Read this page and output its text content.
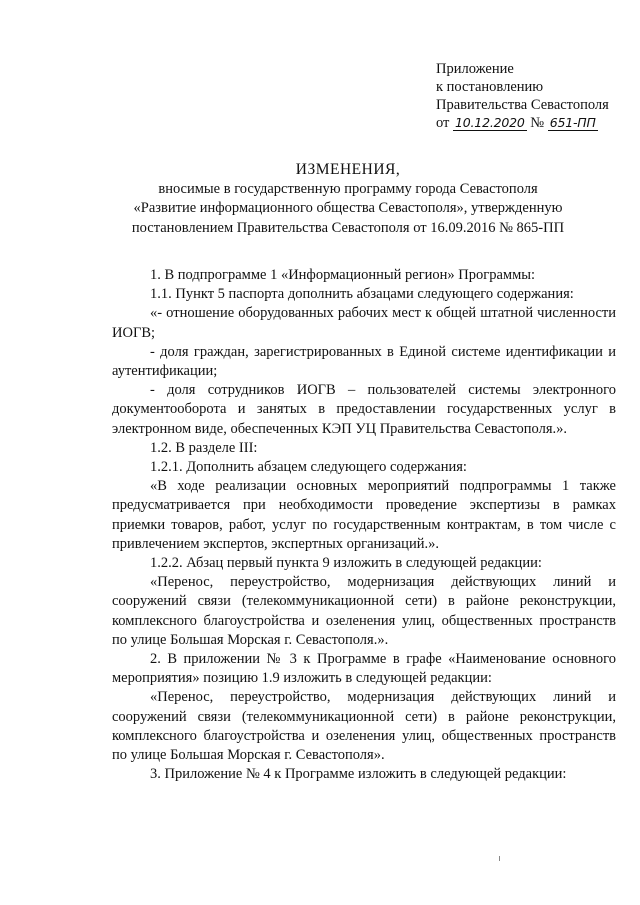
Приложение
к постановлению
Правительства Севастополя
от 10.12.2020 № 651-ПП
ИЗМЕНЕНИЯ,
вносимые в государственную программу города Севастополя
«Развитие информационного общества Севастополя», утвержденную
постановлением Правительства Севастополя от 16.09.2016 № 865-ПП

1. В подпрограмме 1 «Информационный регион» Программы:

1.1. Пункт 5 паспорта дополнить абзацами следующего содержания:

«- отношение оборудованных рабочих мест к общей штатной численности ИОГВ;

- доля граждан, зарегистрированных в Единой системе идентификации и аутентификации;

- доля сотрудников ИОГВ – пользователей системы электронного документооборота и занятых в предоставлении государственных услуг в электронном виде, обеспеченных КЭП УЦ Правительства Севастополя.».

1.2. В разделе III:

1.2.1. Дополнить абзацем следующего содержания:

«В ходе реализации основных мероприятий подпрограммы 1 также предусматривается при необходимости проведение экспертизы в рамках приемки товаров, работ, услуг по государственным контрактам, в том числе с привлечением экспертов, экспертных организаций.».

1.2.2. Абзац первый пункта 9 изложить в следующей редакции:

«Перенос, переустройство, модернизация действующих линий и сооружений связи (телекоммуникационной сети) в районе реконструкции, комплексного благоустройства и озеленения улиц, общественных пространств по улице Большая Морская г. Севастополя.».

2. В приложении № 3 к Программе в графе «Наименование основного мероприятия» позицию 1.9 изложить в следующей редакции:

«Перенос, переустройство, модернизация действующих линий и сооружений связи (телекоммуникационной сети) в районе реконструкции, комплексного благоустройства и озеленения улиц, общественных пространств по улице Большая Морская г. Севастополя».

3. Приложение № 4 к Программе изложить в следующей редакции:
